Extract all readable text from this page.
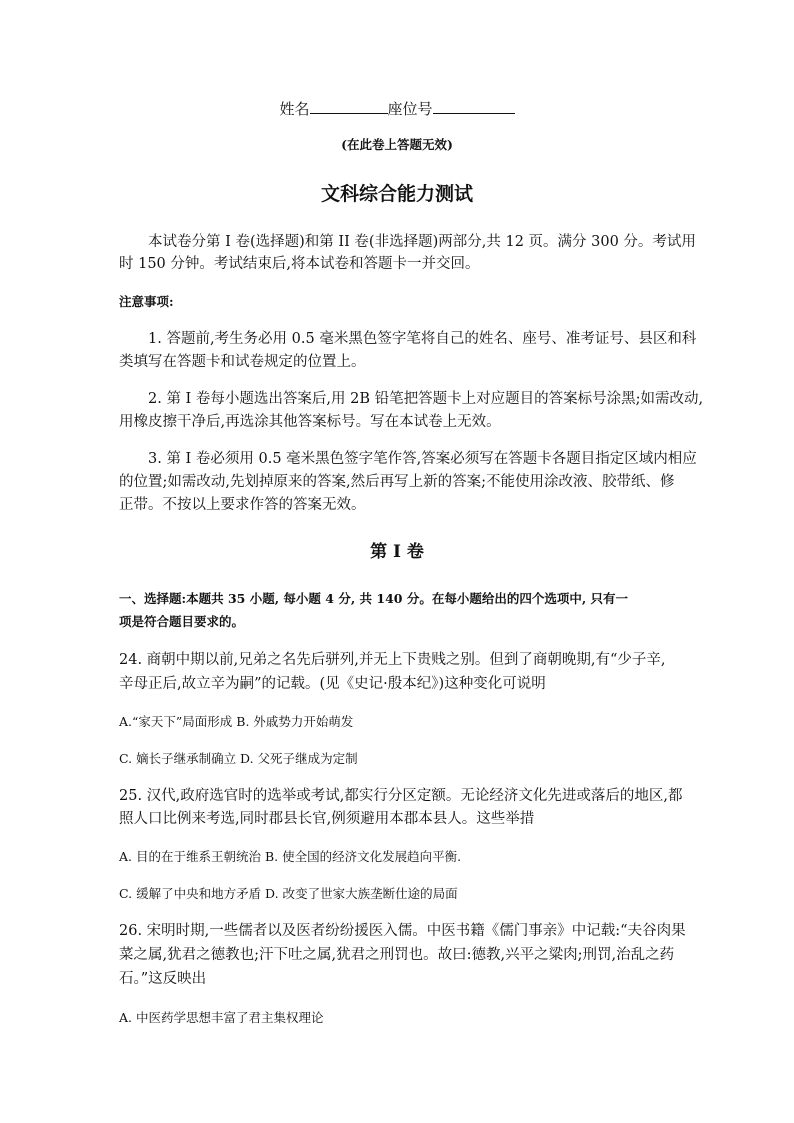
姓名	座位号
(在此卷上答题无效)
文科综合能力测试
本试卷分第 I 卷(选择题)和第 II 卷(非选择题)两部分,共 12 页。满分 300 分。考试用
时 150 分钟。考试结束后,将本试卷和答题卡一并交回。
注意事项:
1. 答题前,考生务必用 0.5 毫米黑色签字笔将自己的姓名、座号、准考证号、县区和科
类填写在答题卡和试卷规定的位置上。
2. 第 I 卷每小题选出答案后,用 2B 铅笔把答题卡上对应题目的答案标号涂黑;如需改动,
用橡皮擦干净后,再选涂其他答案标号。写在本试卷上无效。
3. 第 I 卷必须用 0.5 毫米黑色签字笔作答,答案必须写在答题卡各题目指定区域内相应
的位置;如需改动,先划掉原来的答案,然后再写上新的答案;不能使用涂改液、胶带纸、修
正带。不按以上要求作答的答案无效。
第 I 卷
一、选择题:本题共 35 小题, 每小题 4 分, 共 140 分。在每小题给出的四个选项中, 只有一
项是符合题目要求的。
24. 商朝中期以前,兄弟之名先后骈列,并无上下贵贱之别。但到了商朝晚期,有“少子辛,
辛母正后,故立辛为嗣”的记载。(见《史记·殷本纪》)这种变化可说明
A.“家天下”局面形成 B. 外戚势力开始萌发
C. 嫡长子继承制确立 D. 父死子继成为定制
25. 汉代,政府选官时的选举或考试,都实行分区定额。无论经济文化先进或落后的地区,都
照人口比例来考选,同时郡县长官,例须避用本郡本县人。这些举措
A. 目的在于维系王朝统治 B. 使全国的经济文化发展趋向平衡.
C. 缓解了中央和地方矛盾 D. 改变了世家大族垄断仕途的局面
26. 宋明时期,一些儒者以及医者纷纷援医入儒。中医书籍《儒门事亲》中记载:“夫谷肉果
菜之属,犹君之德教也;汗下吐之属,犹君之刑罚也。故曰:德教,兴平之粱肉;刑罚,治乱之药
石。”这反映出
A. 中医药学思想丰富了君主集权理论
